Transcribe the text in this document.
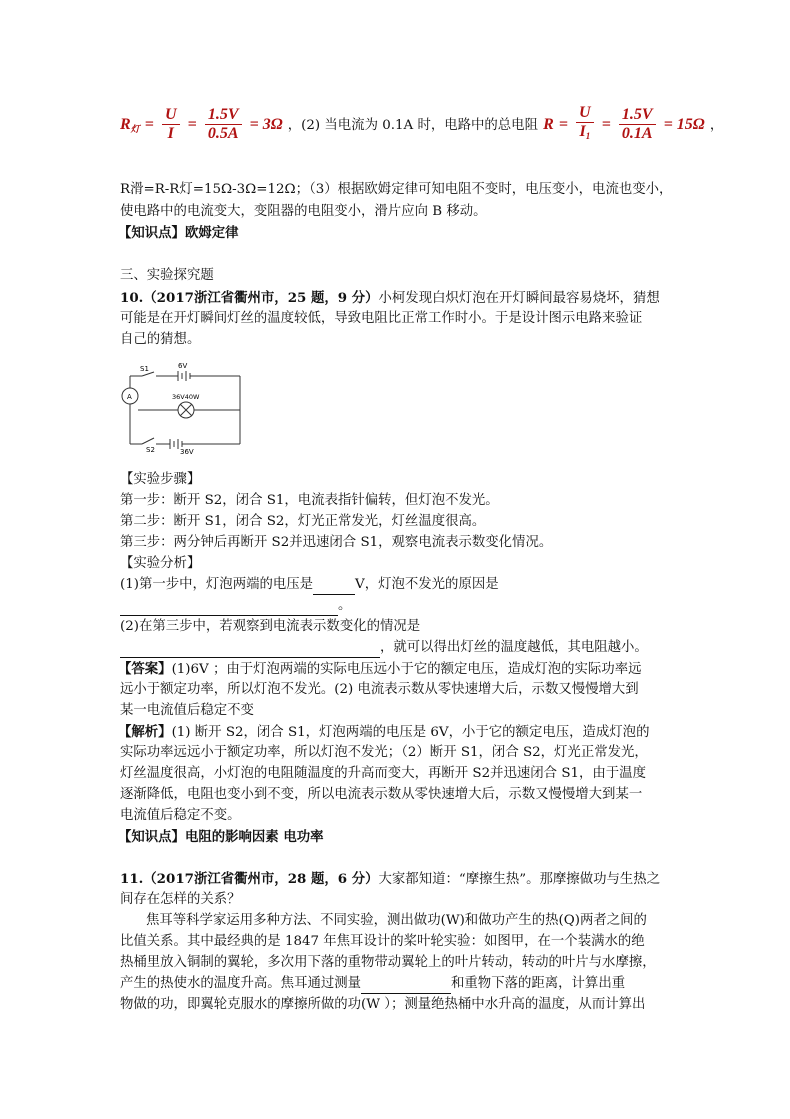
$R_灯 = \frac{U}{I} = \frac{1.5V}{0.5A} = 3\Omega$ ，(2) 当电流为 0.1A 时，电路中的总电阻 $R = \frac{U}{I_1} = \frac{1.5V}{0.1A} = 15\Omega$ ，
R滑=R-R灯=15Ω-3Ω=12Ω；（3）根据欧姆定律可知电阻不变时，电压变小，电流也变小，
使电路中的电流变大，变阻器的电阻变小，滑片应向 B 移动。
【知识点】欧姆定律
三、实验探究题
10.（2017浙江省衢州市，25 题，9 分）小柯发现白炽灯泡在开灯瞬间最容易烧坏，猜想
可能是在开灯瞬间灯丝的温度较低，导致电阻比正常工作时小。于是设计图示电路来验证
自己的猜想。
S1	6V
A	36V40W
S2	36V
【实验步骤】
第一步：断开 S2，闭合 S1，电流表指针偏转，但灯泡不发光。
第二步：断开 S1，闭合 S2，灯光正常发光，灯丝温度很高。
第三步：两分钟后再断开 S2并迅速闭合 S1，观察电流表示数变化情况。
【实验分析】
(1)第一步中，灯泡两端的电压是	V，灯泡不发光的原因是
。
(2)在第三步中，若观察到电流表示数变化的情况是
，就可以得出灯丝的温度越低，其电阻越小。
【答案】(1)6V ；由于灯泡两端的实际电压远小于它的额定电压，造成灯泡的实际功率远
远小于额定功率，所以灯泡不发光。(2) 电流表示数从零快速增大后，示数又慢慢增大到
某一电流值后稳定不变
【解析】(1) 断开 S2，闭合 S1，灯泡两端的电压是 6V，小于它的额定电压，造成灯泡的
实际功率远远小于额定功率，所以灯泡不发光；（2）断开 S1，闭合 S2，灯光正常发光，
灯丝温度很高，小灯泡的电阻随温度的升高而变大，再断开 S2并迅速闭合 S1，由于温度
逐渐降低，电阻也变小到不变，所以电流表示数从零快速增大后，示数又慢慢增大到某一
电流值后稳定不变。
【知识点】电阻的影响因素 电功率
11.（2017浙江省衢州市，28 题，6 分）大家都知道：“摩擦生热”。那摩擦做功与生热之
间存在怎样的关系？
焦耳等科学家运用多种方法、不同实验，测出做功(W)和做功产生的热(Q)两者之间的
比值关系。其中最经典的是 1847 年焦耳设计的桨叶轮实验：如图甲，在一个装满水的绝
热桶里放入铜制的翼轮，多次用下落的重物带动翼轮上的叶片转动，转动的叶片与水摩擦，
产生的热使水的温度升高。焦耳通过测量	和重物下落的距离，计算出重
物做的功，即翼轮克服水的摩擦所做的功(W ）；测量绝热桶中水升高的温度，从而计算出
